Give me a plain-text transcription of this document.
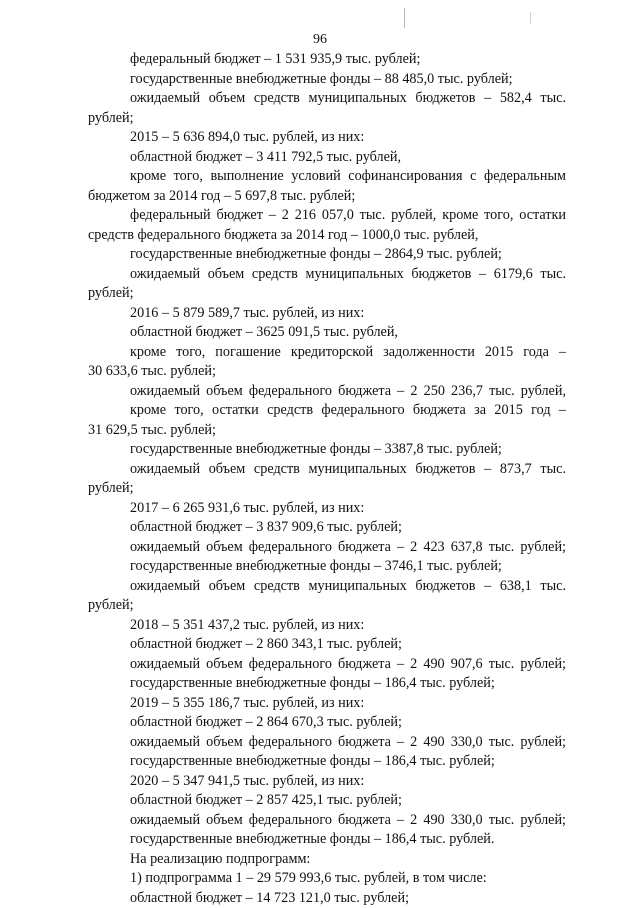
96
федеральный бюджет – 1 531 935,9 тыс. рублей;
государственные внебюджетные фонды – 88 485,0 тыс. рублей;
ожидаемый объем средств муниципальных бюджетов – 582,4 тыс.
рублей;
2015 – 5 636 894,0 тыс. рублей, из них:
областной бюджет – 3 411 792,5 тыс. рублей,
кроме того, выполнение условий софинансирования с федеральным
бюджетом за 2014 год – 5 697,8 тыс. рублей;
федеральный бюджет – 2 216 057,0 тыс. рублей, кроме того, остатки
средств федерального бюджета за 2014 год – 1000,0 тыс. рублей,
государственные внебюджетные фонды – 2864,9 тыс. рублей;
ожидаемый объем средств муниципальных бюджетов – 6179,6 тыс.
рублей;
2016 – 5 879 589,7 тыс. рублей, из них:
областной бюджет – 3625 091,5 тыс. рублей,
кроме того, погашение кредиторской задолженности 2015 года –
30 633,6 тыс. рублей;
ожидаемый объем федерального бюджета – 2 250 236,7 тыс. рублей,
кроме того, остатки средств федерального бюджета за 2015 год –
31 629,5 тыс. рублей;
государственные внебюджетные фонды – 3387,8 тыс. рублей;
ожидаемый объем средств муниципальных бюджетов – 873,7 тыс.
рублей;
2017 – 6 265 931,6 тыс. рублей, из них:
областной бюджет – 3 837 909,6 тыс. рублей;
ожидаемый объем федерального бюджета – 2 423 637,8 тыс. рублей;
государственные внебюджетные фонды – 3746,1 тыс. рублей;
ожидаемый объем средств муниципальных бюджетов – 638,1 тыс.
рублей;
2018 – 5 351 437,2 тыс. рублей, из них:
областной бюджет – 2 860 343,1 тыс. рублей;
ожидаемый объем федерального бюджета – 2 490 907,6 тыс. рублей;
государственные внебюджетные фонды – 186,4 тыс. рублей;
2019 – 5 355 186,7 тыс. рублей, из них:
областной бюджет – 2 864 670,3 тыс. рублей;
ожидаемый объем федерального бюджета – 2 490 330,0 тыс. рублей;
государственные внебюджетные фонды – 186,4 тыс. рублей;
2020 – 5 347 941,5 тыс. рублей, из них:
областной бюджет – 2 857 425,1 тыс. рублей;
ожидаемый объем федерального бюджета – 2 490 330,0 тыс. рублей;
государственные внебюджетные фонды – 186,4 тыс. рублей.
На реализацию подпрограмм:
1) подпрограмма 1 – 29 579 993,6 тыс. рублей, в том числе:
областной бюджет – 14 723 121,0 тыс. рублей;
